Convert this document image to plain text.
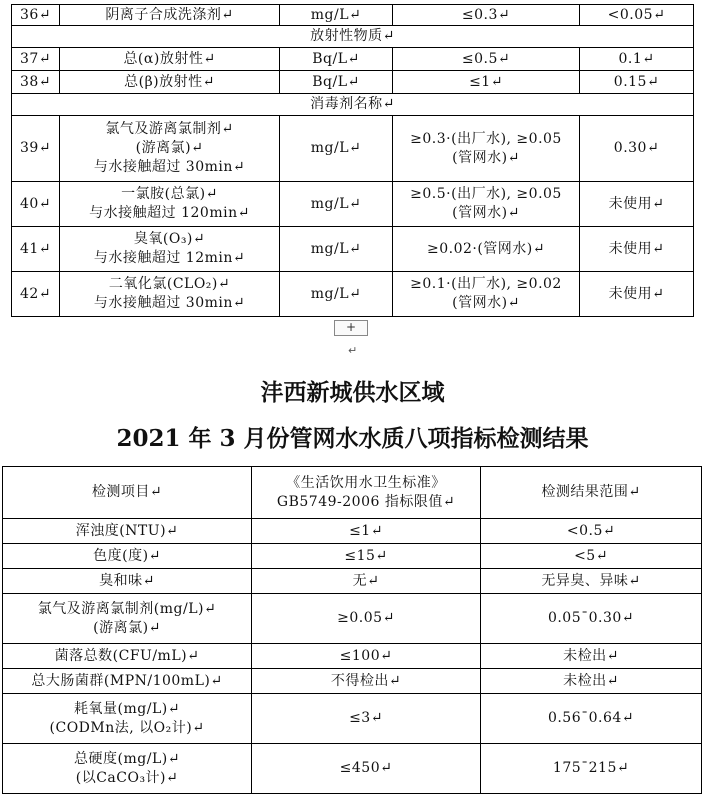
36↵	阴离子合成洗涤剂↵	mg/L↵	≤0.3↵	<0.05↵
放射性物质↵				
37↵	总(α)放射性↵	Bq/L↵	≤0.5↵	0.1↵
38↵	总(β)放射性↵	Bq/L↵	≤1↵	0.15↵
消毒剂名称↵				
39↵	氯气及游离氯制剂↵
(游离氯)↵
与水接触超过 30min↵	mg/L↵	≥0.3·(出厂水), ≥0.05
(管网水)↵	0.30↵
40↵	一氯胺(总氯)↵
与水接触超过 120min↵	mg/L↵	≥0.5·(出厂水), ≥0.05
(管网水)↵	未使用↵
41↵	臭氧(O₃)↵
与水接触超过 12min↵	mg/L↵	≥0.02·(管网水)↵	未使用↵
42↵	二氧化氯(CLO₂)↵
与水接触超过 30min↵	mg/L↵	≥0.1·(出厂水), ≥0.02
(管网水)↵	未使用↵
+
↵
沣西新城供水区域
2021 年 3 月份管网水水质八项指标检测结果
检测项目↵	《生活饮用水卫生标准》
GB5749-2006 指标限值↵	检测结果范围↵

浑浊度(NTU)↵	≤1↵	<0.5↵

色度(度)↵	≤15↵	<5↵

臭和味↵	无↵	无异臭、异味↵

氯气及游离氯制剂(mg/L)↵
(游离氯)↵	≥0.05↵	0.05ˉ0.30↵

菌落总数(CFU/mL)↵	≤100↵	未检出↵

总大肠菌群(MPN/100mL)↵	不得检出↵	未检出↵

耗氧量(mg/L)↵
(CODMn法, 以O₂计)↵	≤3↵	0.56ˉ0.64↵

总硬度(mg/L)↵
(以CaCO₃计)↵	≤450↵	175ˉ215↵
